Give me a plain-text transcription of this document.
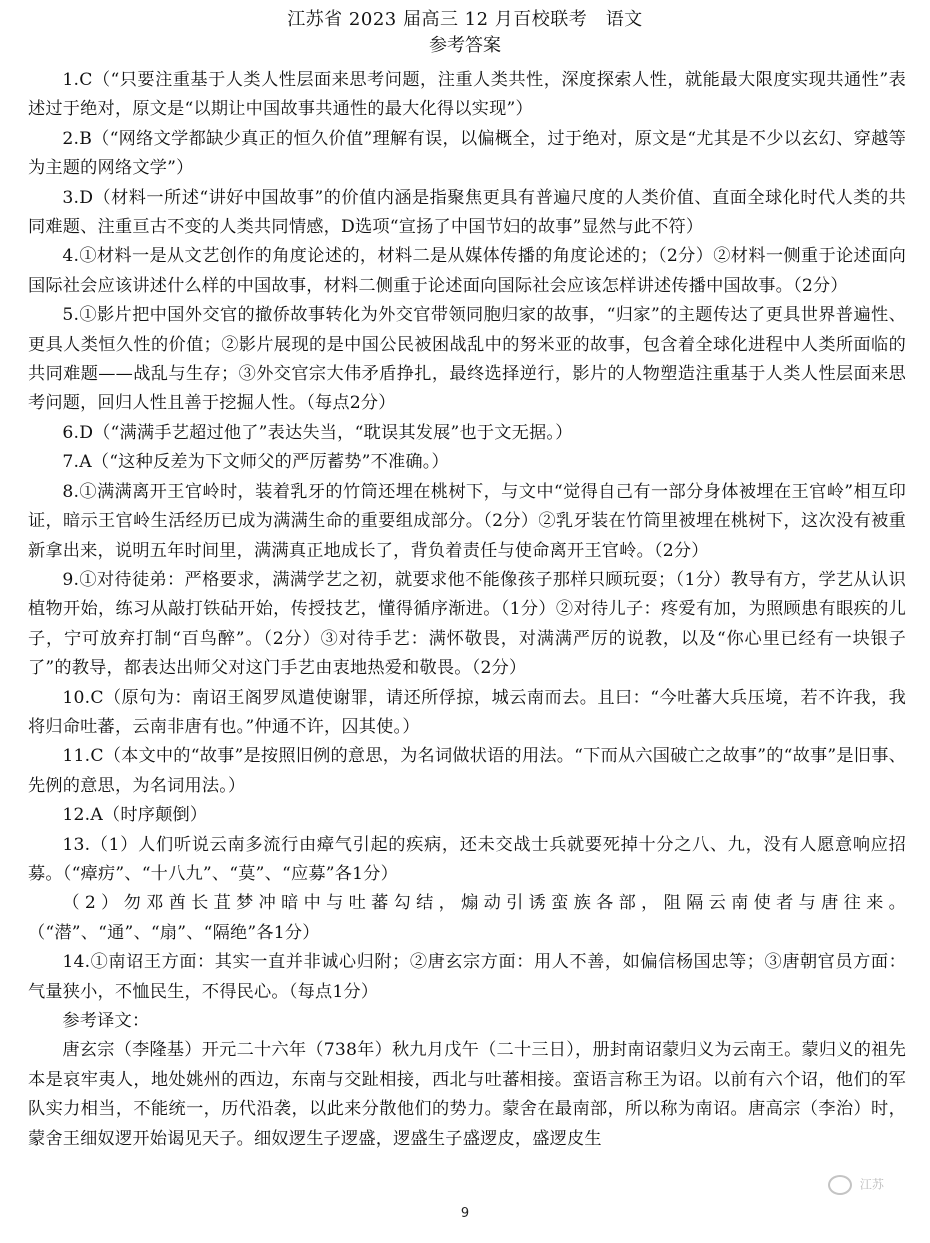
江苏省 2023 届高三 12 月百校联考　语文
参考答案

1.C（“只要注重基于人类人性层面来思考问题，注重人类共性，深度探索人性，就能最大限度实现共通性”表述过于绝对，原文是“以期让中国故事共通性的最大化得以实现”）

2.B（“网络文学都缺少真正的恒久价值”理解有误，以偏概全，过于绝对，原文是“尤其是不少以玄幻、穿越等为主题的网络文学”）

3.D（材料一所述“讲好中国故事”的价值内涵是指聚焦更具有普遍尺度的人类价值、直面全球化时代人类的共同难题、注重亘古不变的人类共同情感，D选项“宣扬了中国节妇的故事”显然与此不符）

4.①材料一是从文艺创作的角度论述的，材料二是从媒体传播的角度论述的；（2分）②材料一侧重于论述面向国际社会应该讲述什么样的中国故事，材料二侧重于论述面向国际社会应该怎样讲述传播中国故事。（2分）

5.①影片把中国外交官的撤侨故事转化为外交官带领同胞归家的故事，“归家”的主题传达了更具世界普遍性、更具人类恒久性的价值；②影片展现的是中国公民被困战乱中的努米亚的故事，包含着全球化进程中人类所面临的共同难题——战乱与生存；③外交官宗大伟矛盾挣扎，最终选择逆行，影片的人物塑造注重基于人类人性层面来思考问题，回归人性且善于挖掘人性。（每点2分）

6.D（“满满手艺超过他了”表达失当，“耽误其发展”也于文无据。）

7.A（“这种反差为下文师父的严厉蓄势”不准确。）

8.①满满离开王官岭时，装着乳牙的竹筒还埋在桃树下，与文中“觉得自己有一部分身体被埋在王官岭”相互印证，暗示王官岭生活经历已成为满满生命的重要组成部分。（2分）②乳牙装在竹筒里被埋在桃树下，这次没有被重新拿出来，说明五年时间里，满满真正地成长了，背负着责任与使命离开王官岭。（2分）

9.①对待徒弟：严格要求，满满学艺之初，就要求他不能像孩子那样只顾玩耍；（1分）教导有方，学艺从认识植物开始，练习从敲打铁砧开始，传授技艺，懂得循序渐进。（1分）②对待儿子：疼爱有加，为照顾患有眼疾的儿子，宁可放弃打制“百鸟醉”。（2分）③对待手艺：满怀敬畏，对满满严厉的说教，以及“你心里已经有一块银子了”的教导，都表达出师父对这门手艺由衷地热爱和敬畏。（2分）

10.C（原句为：南诏王阁罗凤遣使谢罪，请还所俘掠，城云南而去。且曰：“今吐蕃大兵压境，若不许我，我将归命吐蕃，云南非唐有也。”仲通不许，囚其使。）

11.C（本文中的“故事”是按照旧例的意思，为名词做状语的用法。“下而从六国破亡之故事”的“故事”是旧事、先例的意思，为名词用法。）

12.A（时序颠倒）

13.（1）人们听说云南多流行由瘴气引起的疾病，还未交战士兵就要死掉十分之八、九，没有人愿意响应招募。（“瘴疠”、“十八九”、“莫”、“应募”各1分）

（2）勿邓酋长苴梦冲暗中与吐蕃勾结，煽动引诱蛮族各部，阻隔云南使者与唐往来。（“潜”、“通”、“扇”、“隔绝”各1分）

14.①南诏王方面：其实一直并非诚心归附；②唐玄宗方面：用人不善，如偏信杨国忠等；③唐朝官员方面：气量狭小，不恤民生，不得民心。（每点1分）

参考译文：

唐玄宗（李隆基）开元二十六年（738年）秋九月戊午（二十三日），册封南诏蒙归义为云南王。蒙归义的祖先本是哀牢夷人，地处姚州的西边，东南与交趾相接，西北与吐蕃相接。蛮语言称王为诏。以前有六个诏，他们的军队实力相当，不能统一，历代沿袭，以此来分散他们的势力。蒙舍在最南部，所以称为南诏。唐高宗（李治）时，蒙舍王细奴逻开始谒见天子。细奴逻生子逻盛，逻盛生子盛逻皮，盛逻皮生

江苏
9
